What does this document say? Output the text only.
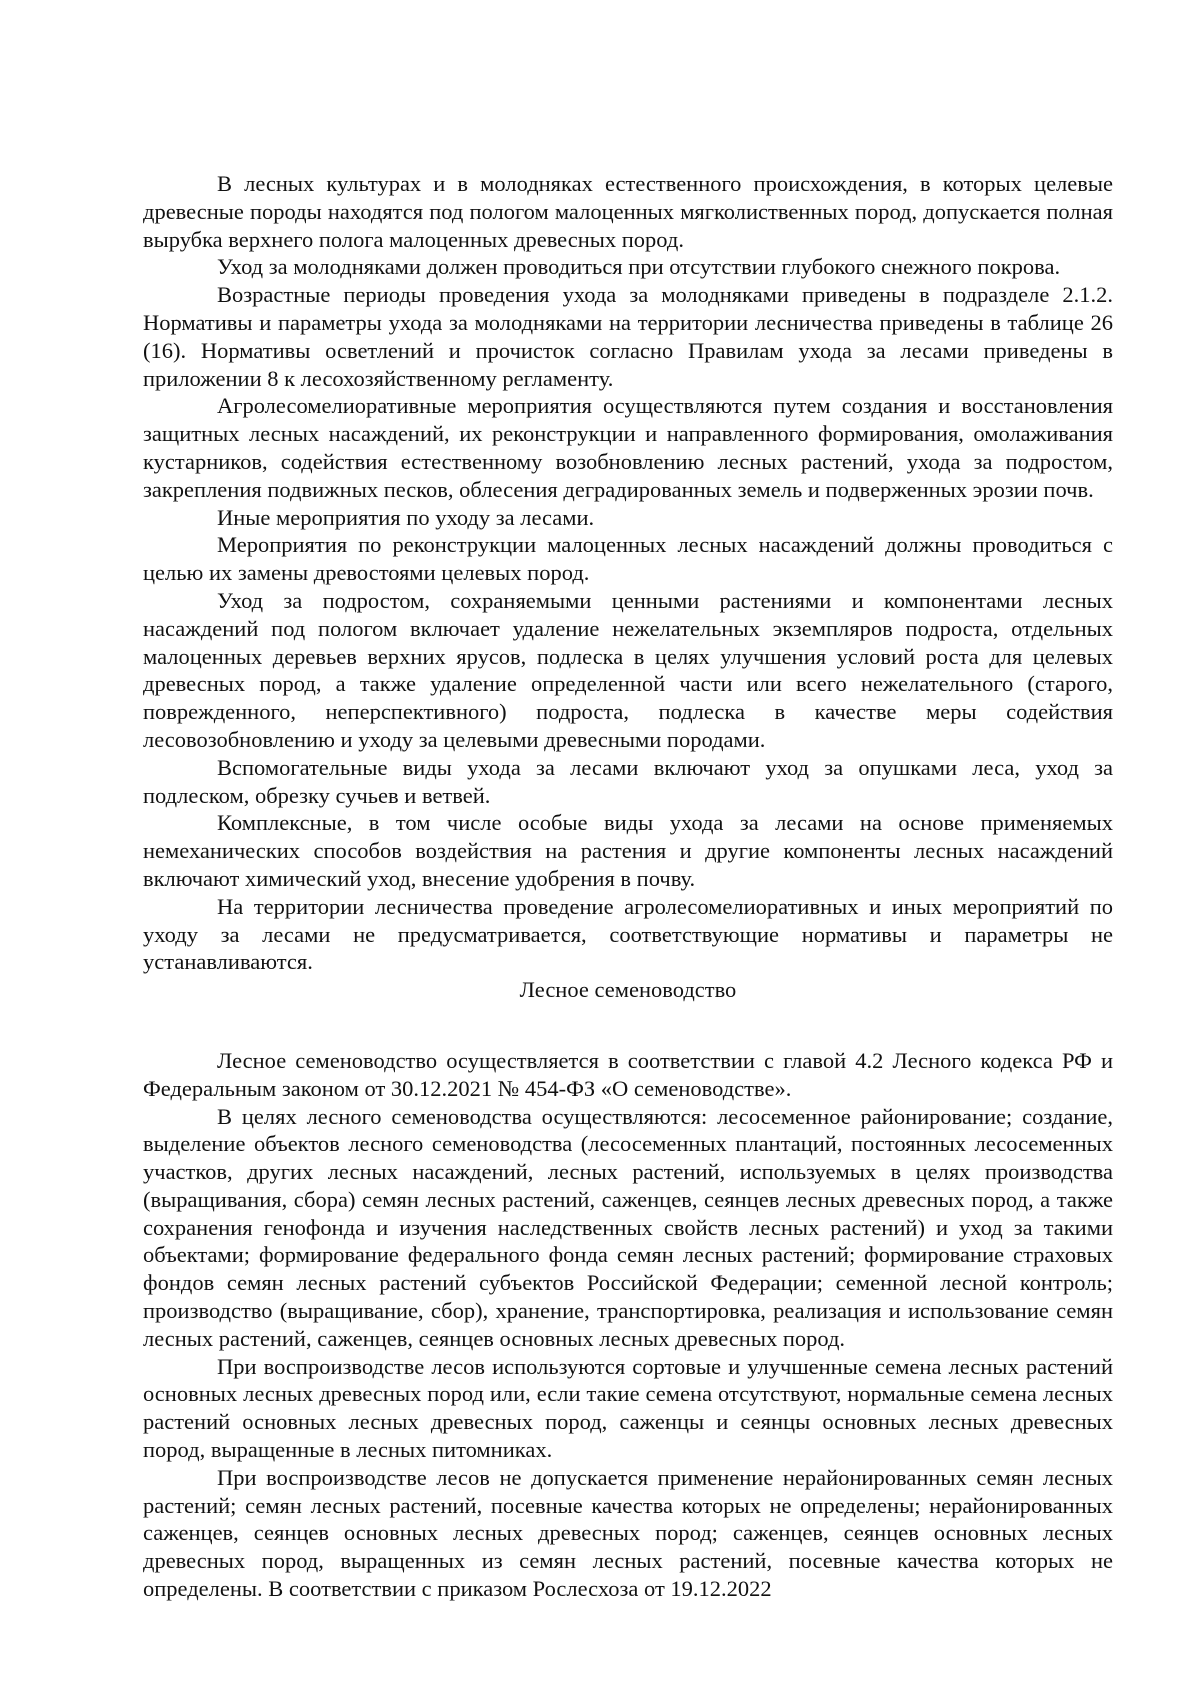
В лесных культурах и в молодняках естественного происхождения, в которых целевые древесные породы находятся под пологом малоценных мягколиственных пород, допускается полная вырубка верхнего полога малоценных древесных пород.

Уход за молодняками должен проводиться при отсутствии глубокого снежного покрова.

Возрастные периоды проведения ухода за молодняками приведены в подразделе 2.1.2. Нормативы и параметры ухода за молодняками на территории лесничества приведены в таблице 26 (16). Нормативы осветлений и прочисток согласно Правилам ухода за лесами приведены в приложении 8 к лесохозяйственному регламенту.

Агролесомелиоративные мероприятия осуществляются путем создания и восстановления защитных лесных насаждений, их реконструкции и направленного формирования, омолаживания кустарников, содействия естественному возобновлению лесных растений, ухода за подростом, закрепления подвижных песков, облесения деградированных земель и подверженных эрозии почв.

Иные мероприятия по уходу за лесами.

Мероприятия по реконструкции малоценных лесных насаждений должны проводиться с целью их замены древостоями целевых пород.

Уход за подростом, сохраняемыми ценными растениями и компонентами лесных насаждений под пологом включает удаление нежелательных экземпляров подроста, отдельных малоценных деревьев верхних ярусов, подлеска в целях улучшения условий роста для целевых древесных пород, а также удаление определенной части или всего нежелательного (старого, поврежденного, неперспективного) подроста, подлеска в качестве меры содействия лесовозобновлению и уходу за целевыми древесными породами.

Вспомогательные виды ухода за лесами включают уход за опушками леса, уход за подлеском, обрезку сучьев и ветвей.

Комплексные, в том числе особые виды ухода за лесами на основе применяемых немеханических способов воздействия на растения и другие компоненты лесных насаждений включают химический уход, внесение удобрения в почву.

На территории лесничества проведение агролесомелиоративных и иных мероприятий по уходу за лесами не предусматривается, соответствующие нормативы и параметры не устанавливаются.

Лесное семеноводство

Лесное семеноводство осуществляется в соответствии с главой 4.2 Лесного кодекса РФ и Федеральным законом от 30.12.2021 № 454-ФЗ «О семеноводстве».

В целях лесного семеноводства осуществляются: лесосеменное районирование; создание, выделение объектов лесного семеноводства (лесосеменных плантаций, постоянных лесосеменных участков, других лесных насаждений, лесных растений, используемых в целях производства (выращивания, сбора) семян лесных растений, саженцев, сеянцев лесных древесных пород, а также сохранения генофонда и изучения наследственных свойств лесных растений) и уход за такими объектами; формирование федерального фонда семян лесных растений; формирование страховых фондов семян лесных растений субъектов Российской Федерации; семенной лесной контроль; производство (выращивание, сбор), хранение, транспортировка, реализация и использование семян лесных растений, саженцев, сеянцев основных лесных древесных пород.

При воспроизводстве лесов используются сортовые и улучшенные семена лесных растений основных лесных древесных пород или, если такие семена отсутствуют, нормальные семена лесных растений основных лесных древесных пород, саженцы и сеянцы основных лесных древесных пород, выращенные в лесных питомниках.

При воспроизводстве лесов не допускается применение нерайонированных семян лесных растений; семян лесных растений, посевные качества которых не определены; нерайонированных саженцев, сеянцев основных лесных древесных пород; саженцев, сеянцев основных лесных древесных пород, выращенных из семян лесных растений, посевные качества которых не определены. В соответствии с приказом Рослесхоза от 19.12.2022
